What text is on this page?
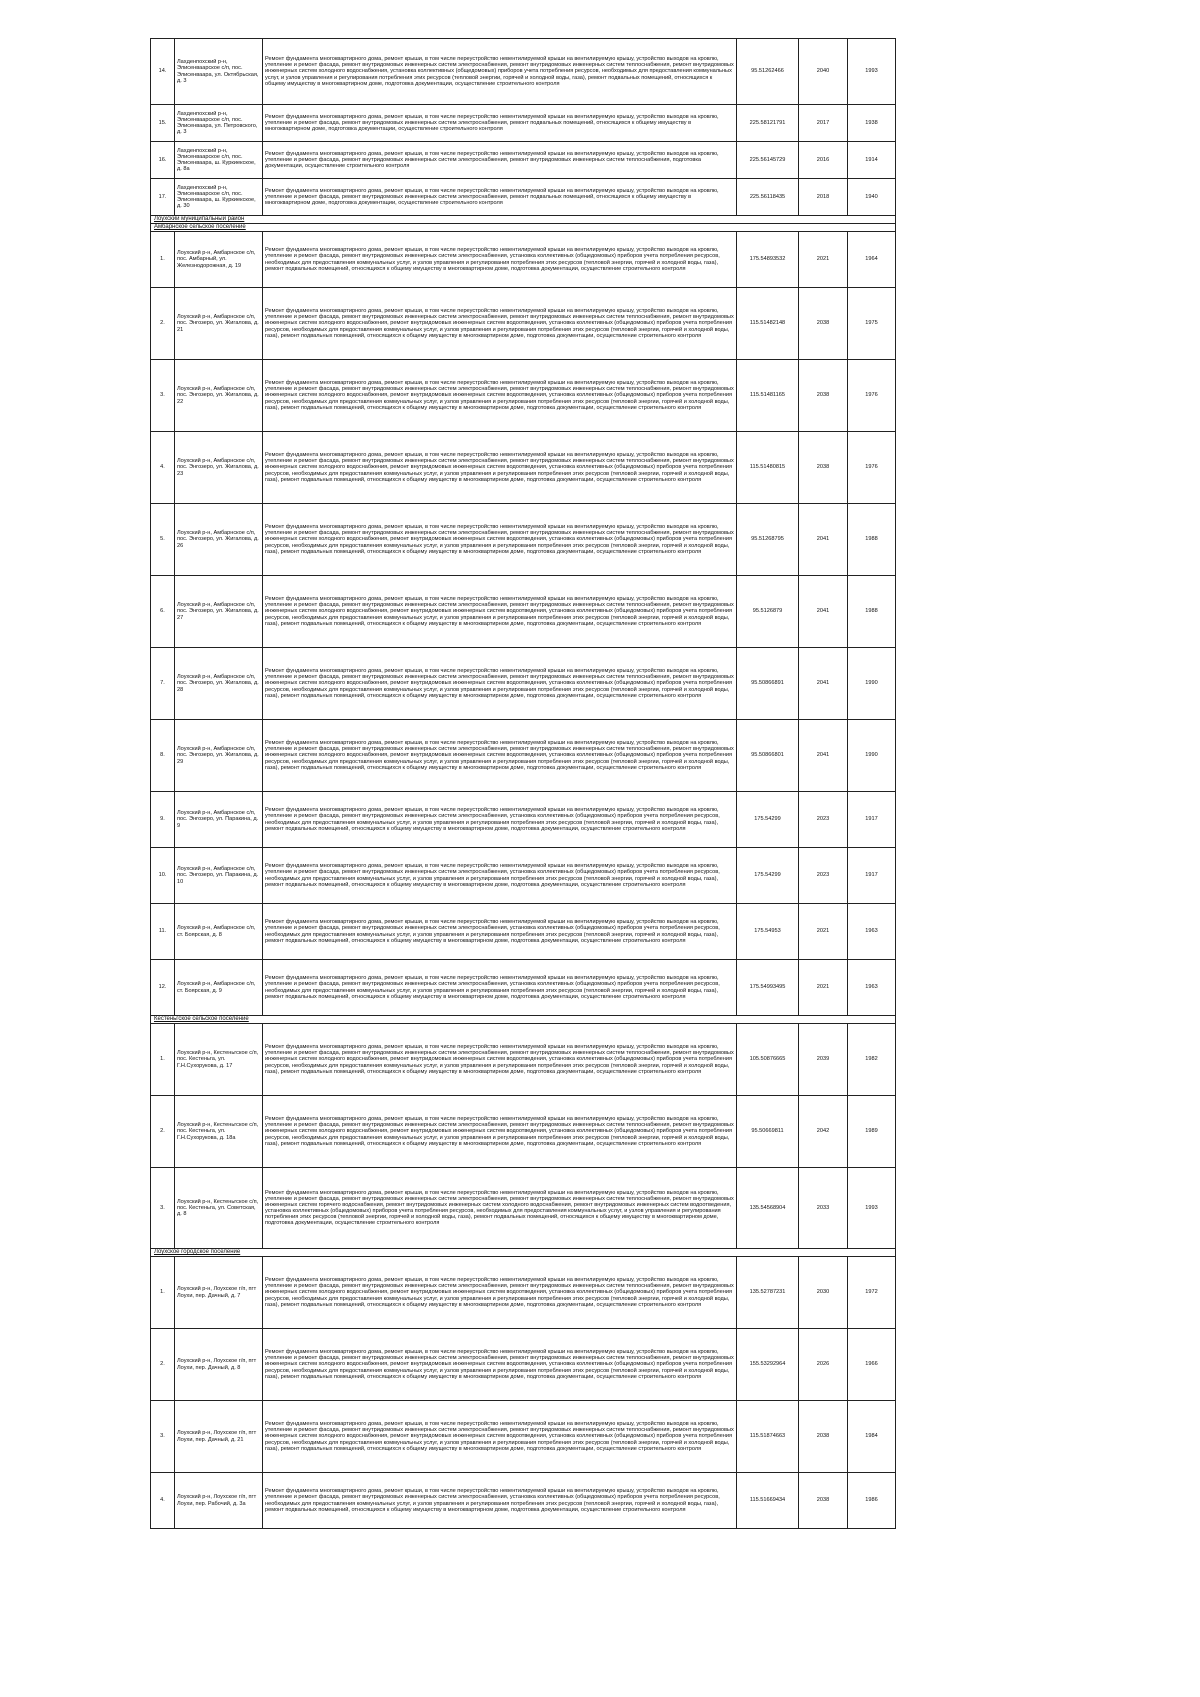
14.	Лахденпохский р-н, Элисенваарское с/п, пос. Элисенваара, ул. Октябрьская, д. 3	Ремонт фундамента многоквартирного дома, ремонт крыши, в том числе переустройство невентилируемой крыши на вентилируемую крышу, устройство выходов на кровлю, утепление и ремонт фасада, ремонт внутридомовых инженерных систем электроснабжения, ремонт внутридомовых инженерных систем теплоснабжения, ремонт внутридомовых инженерных систем холодного водоснабжения, установка коллективных (общедомовых) приборов учета потребления ресурсов, необходимых для предоставления коммунальных услуг, и узлов управления и регулирования потребления этих ресурсов (тепловой энергии, горячей и холодной воды, газа), ремонт подвальных помещений, относящихся к общему имуществу в многоквартирном доме, подготовка документации, осуществление строительного контроля	95.51262466	2040	1993
15.	Лахденпохский р-н, Элисенваарское с/п, пос. Элисенваара, ул. Петровского, д. 3	Ремонт фундамента многоквартирного дома, ремонт крыши, в том числе переустройство невентилируемой крыши на вентилируемую крышу, устройство выходов на кровлю, утепление и ремонт фасада, ремонт внутридомовых инженерных систем электроснабжения, ремонт подвальных помещений, относящихся к общему имуществу в многоквартирном доме, подготовка документации, осуществление строительного контроля	225.58121791	2017	1938
16.	Лахденпохский р-н, Элисенваарское с/п, пос. Элисенваара, ш. Куркиекское, д. 8а	Ремонт фундамента многоквартирного дома, ремонт крыши, в том числе переустройство невентилируемой крыши на вентилируемую крышу, устройство выходов на кровлю, утепление и ремонт фасада, ремонт внутридомовых инженерных систем электроснабжения, ремонт внутридомовых инженерных систем теплоснабжения, подготовка документации, осуществление строительного контроля	225.56145729	2016	1914
17.	Лахденпохский р-н, Элисенваарское с/п, пос. Элисенваара, ш. Куркиекское, д. 30	Ремонт фундамента многоквартирного дома, ремонт крыши, в том числе переустройство невентилируемой крыши на вентилируемую крышу, устройство выходов на кровлю, утепление и ремонт фасада, ремонт внутридомовых инженерных систем электроснабжения, ремонт подвальных помещений, относящихся к общему имуществу в многоквартирном доме, подготовка документации, осуществление строительного контроля	225.56118435	2018	1940
Лоухский муниципальный район					
Амбарнское сельское поселение					
1.	Лоухский р-н, Амбарнское с/п, пос. Амбарный, ул. Железнодорожная, д. 19	Ремонт фундамента многоквартирного дома, ремонт крыши, в том числе переустройство невентилируемой крыши на вентилируемую крышу, устройство выходов на кровлю, утепление и ремонт фасада, ремонт внутридомовых инженерных систем электроснабжения, установка коллективных (общедомовых) приборов учета потребления ресурсов, необходимых для предоставления коммунальных услуг, и узлов управления и регулирования потребления этих ресурсов (тепловой энергии, горячей и холодной воды, газа), ремонт подвальных помещений, относящихся к общему имуществу в многоквартирном доме, подготовка документации, осуществление строительного контроля	175.54893532	2021	1964
2.	Лоухский р-н, Амбарнское с/п, пос. Энгозеро, ул. Жигалова, д. 21	Ремонт фундамента многоквартирного дома, ремонт крыши, в том числе переустройство невентилируемой крыши на вентилируемую крышу, устройство выходов на кровлю, утепление и ремонт фасада, ремонт внутридомовых инженерных систем электроснабжения, ремонт внутридомовых инженерных систем теплоснабжения, ремонт внутридомовых инженерных систем холодного водоснабжения, ремонт внутридомовых инженерных систем водоотведения, установка коллективных (общедомовых) приборов учета потребления ресурсов, необходимых для предоставления коммунальных услуг, и узлов управления и регулирования потребления этих ресурсов (тепловой энергии, горячей и холодной воды, газа), ремонт подвальных помещений, относящихся к общему имуществу в многоквартирном доме, подготовка документации, осуществление строительного контроля	115.51482148	2038	1975
3.	Лоухский р-н, Амбарнское с/п, пос. Энгозеро, ул. Жигалова, д. 22	Ремонт фундамента многоквартирного дома, ремонт крыши, в том числе переустройство невентилируемой крыши на вентилируемую крышу, устройство выходов на кровлю, утепление и ремонт фасада, ремонт внутридомовых инженерных систем электроснабжения, ремонт внутридомовых инженерных систем теплоснабжения, ремонт внутридомовых инженерных систем холодного водоснабжения, ремонт внутридомовых инженерных систем водоотведения, установка коллективных (общедомовых) приборов учета потребления ресурсов, необходимых для предоставления коммунальных услуг, и узлов управления и регулирования потребления этих ресурсов (тепловой энергии, горячей и холодной воды, газа), ремонт подвальных помещений, относящихся к общему имуществу в многоквартирном доме, подготовка документации, осуществление строительного контроля	115.51481165	2038	1976
4.	Лоухский р-н, Амбарнское с/п, пос. Энгозеро, ул. Жигалова, д. 23	Ремонт фундамента многоквартирного дома, ремонт крыши, в том числе переустройство невентилируемой крыши на вентилируемую крышу, устройство выходов на кровлю, утепление и ремонт фасада, ремонт внутридомовых инженерных систем электроснабжения, ремонт внутридомовых инженерных систем теплоснабжения, ремонт внутридомовых инженерных систем холодного водоснабжения, ремонт внутридомовых инженерных систем водоотведения, установка коллективных (общедомовых) приборов учета потребления ресурсов, необходимых для предоставления коммунальных услуг, и узлов управления и регулирования потребления этих ресурсов (тепловой энергии, горячей и холодной воды, газа), ремонт подвальных помещений, относящихся к общему имуществу в многоквартирном доме, подготовка документации, осуществление строительного контроля	115.51480815	2038	1976
5.	Лоухский р-н, Амбарнское с/п, пос. Энгозеро, ул. Жигалова, д. 26	Ремонт фундамента многоквартирного дома, ремонт крыши, в том числе переустройство невентилируемой крыши на вентилируемую крышу, устройство выходов на кровлю, утепление и ремонт фасада, ремонт внутридомовых инженерных систем электроснабжения, ремонт внутридомовых инженерных систем теплоснабжения, ремонт внутридомовых инженерных систем холодного водоснабжения, ремонт внутридомовых инженерных систем водоотведения, установка коллективных (общедомовых) приборов учета потребления ресурсов, необходимых для предоставления коммунальных услуг, и узлов управления и регулирования потребления этих ресурсов (тепловой энергии, горячей и холодной воды, газа), ремонт подвальных помещений, относящихся к общему имуществу в многоквартирном доме, подготовка документации, осуществление строительного контроля	95.51268795	2041	1988
6.	Лоухский р-н, Амбарнское с/п, пос. Энгозеро, ул. Жигалова, д. 27	Ремонт фундамента многоквартирного дома, ремонт крыши, в том числе переустройство невентилируемой крыши на вентилируемую крышу, устройство выходов на кровлю, утепление и ремонт фасада, ремонт внутридомовых инженерных систем электроснабжения, ремонт внутридомовых инженерных систем теплоснабжения, ремонт внутридомовых инженерных систем холодного водоснабжения, ремонт внутридомовых инженерных систем водоотведения, установка коллективных (общедомовых) приборов учета потребления ресурсов, необходимых для предоставления коммунальных услуг, и узлов управления и регулирования потребления этих ресурсов (тепловой энергии, горячей и холодной воды, газа), ремонт подвальных помещений, относящихся к общему имуществу в многоквартирном доме, подготовка документации, осуществление строительного контроля	95.5126879	2041	1988
7.	Лоухский р-н, Амбарнское с/п, пос. Энгозеро, ул. Жигалова, д. 28	Ремонт фундамента многоквартирного дома, ремонт крыши, в том числе переустройство невентилируемой крыши на вентилируемую крышу, устройство выходов на кровлю, утепление и ремонт фасада, ремонт внутридомовых инженерных систем электроснабжения, ремонт внутридомовых инженерных систем теплоснабжения, ремонт внутридомовых инженерных систем холодного водоснабжения, ремонт внутридомовых инженерных систем водоотведения, установка коллективных (общедомовых) приборов учета потребления ресурсов, необходимых для предоставления коммунальных услуг, и узлов управления и регулирования потребления этих ресурсов (тепловой энергии, горячей и холодной воды, газа), ремонт подвальных помещений, относящихся к общему имуществу в многоквартирном доме, подготовка документации, осуществление строительного контроля	95.50866891	2041	1990
8.	Лоухский р-н, Амбарнское с/п, пос. Энгозеро, ул. Жигалова, д. 29	Ремонт фундамента многоквартирного дома, ремонт крыши, в том числе переустройство невентилируемой крыши на вентилируемую крышу, устройство выходов на кровлю, утепление и ремонт фасада, ремонт внутридомовых инженерных систем электроснабжения, ремонт внутридомовых инженерных систем теплоснабжения, ремонт внутридомовых инженерных систем холодного водоснабжения, ремонт внутридомовых инженерных систем водоотведения, установка коллективных (общедомовых) приборов учета потребления ресурсов, необходимых для предоставления коммунальных услуг, и узлов управления и регулирования потребления этих ресурсов (тепловой энергии, горячей и холодной воды, газа), ремонт подвальных помещений, относящихся к общему имуществу в многоквартирном доме, подготовка документации, осуществление строительного контроля	95.50866801	2041	1990
9.	Лоухский р-н, Амбарнское с/п, пос. Энгозеро, ул. Паракина, д. 9	Ремонт фундамента многоквартирного дома, ремонт крыши, в том числе переустройство невентилируемой крыши на вентилируемую крышу, устройство выходов на кровлю, утепление и ремонт фасада, ремонт внутридомовых инженерных систем электроснабжения, установка коллективных (общедомовых) приборов учета потребления ресурсов, необходимых для предоставления коммунальных услуг, и узлов управления и регулирования потребления этих ресурсов (тепловой энергии, горячей и холодной воды, газа), ремонт подвальных помещений, относящихся к общему имуществу в многоквартирном доме, подготовка документации, осуществление строительного контроля	175.54299	2023	1917
10.	Лоухский р-н, Амбарнское с/п, пос. Энгозеро, ул. Паракина, д. 10	Ремонт фундамента многоквартирного дома, ремонт крыши, в том числе переустройство невентилируемой крыши на вентилируемую крышу, устройство выходов на кровлю, утепление и ремонт фасада, ремонт внутридомовых инженерных систем электроснабжения, установка коллективных (общедомовых) приборов учета потребления ресурсов, необходимых для предоставления коммунальных услуг, и узлов управления и регулирования потребления этих ресурсов (тепловой энергии, горячей и холодной воды, газа), ремонт подвальных помещений, относящихся к общему имуществу в многоквартирном доме, подготовка документации, осуществление строительного контроля	175.54299	2023	1917
11.	Лоухский р-н, Амбарнское с/п, ст. Боярская, д. 8	Ремонт фундамента многоквартирного дома, ремонт крыши, в том числе переустройство невентилируемой крыши на вентилируемую крышу, устройство выходов на кровлю, утепление и ремонт фасада, ремонт внутридомовых инженерных систем электроснабжения, установка коллективных (общедомовых) приборов учета потребления ресурсов, необходимых для предоставления коммунальных услуг, и узлов управления и регулирования потребления этих ресурсов (тепловой энергии, горячей и холодной воды, газа), ремонт подвальных помещений, относящихся к общему имуществу в многоквартирном доме, подготовка документации, осуществление строительного контроля	175.54953	2021	1963
12.	Лоухский р-н, Амбарнское с/п, ст. Боярская, д. 9	Ремонт фундамента многоквартирного дома, ремонт крыши, в том числе переустройство невентилируемой крыши на вентилируемую крышу, устройство выходов на кровлю, утепление и ремонт фасада, ремонт внутридомовых инженерных систем электроснабжения, установка коллективных (общедомовых) приборов учета потребления ресурсов, необходимых для предоставления коммунальных услуг, и узлов управления и регулирования потребления этих ресурсов (тепловой энергии, горячей и холодной воды, газа), ремонт подвальных помещений, относящихся к общему имуществу в многоквартирном доме, подготовка документации, осуществление строительного контроля	175.54993495	2021	1963
Кестеньгское сельское поселение					
1.	Лоухский р-н, Кестеньгское с/п, пос. Кестеньга, ул. Г.Н.Сухорукова, д. 17	Ремонт фундамента многоквартирного дома, ремонт крыши, в том числе переустройство невентилируемой крыши на вентилируемую крышу, устройство выходов на кровлю, утепление и ремонт фасада, ремонт внутридомовых инженерных систем электроснабжения, ремонт внутридомовых инженерных систем теплоснабжения, ремонт внутридомовых инженерных систем холодного водоснабжения, ремонт внутридомовых инженерных систем водоотведения, установка коллективных (общедомовых) приборов учета потребления ресурсов, необходимых для предоставления коммунальных услуг, и узлов управления и регулирования потребления этих ресурсов (тепловой энергии, горячей и холодной воды, газа), ремонт подвальных помещений, относящихся к общему имуществу в многоквартирном доме, подготовка документации, осуществление строительного контроля	105.50876665	2039	1982
2.	Лоухский р-н, Кестеньгское с/п, пос. Кестеньга, ул. Г.Н.Сухорукова, д. 18а	Ремонт фундамента многоквартирного дома, ремонт крыши, в том числе переустройство невентилируемой крыши на вентилируемую крышу, устройство выходов на кровлю, утепление и ремонт фасада, ремонт внутридомовых инженерных систем электроснабжения, ремонт внутридомовых инженерных систем теплоснабжения, ремонт внутридомовых инженерных систем холодного водоснабжения, ремонт внутридомовых инженерных систем водоотведения, установка коллективных (общедомовых) приборов учета потребления ресурсов, необходимых для предоставления коммунальных услуг, и узлов управления и регулирования потребления этих ресурсов (тепловой энергии, горячей и холодной воды, газа), ремонт подвальных помещений, относящихся к общему имуществу в многоквартирном доме, подготовка документации, осуществление строительного контроля	95.50669811	2042	1989
3.	Лоухский р-н, Кестеньгское с/п, пос. Кестеньга, ул. Советская, д. 8	Ремонт фундамента многоквартирного дома, ремонт крыши, в том числе переустройство невентилируемой крыши на вентилируемую крышу, устройство выходов на кровлю, утепление и ремонт фасада, ремонт внутридомовых инженерных систем электроснабжения, ремонт внутридомовых инженерных систем теплоснабжения, ремонт внутридомовых инженерных систем горячего водоснабжения, ремонт внутридомовых инженерных систем холодного водоснабжения, ремонт внутридомовых инженерных систем водоотведения, установка коллективных (общедомовых) приборов учета потребления ресурсов, необходимых для предоставления коммунальных услуг, и узлов управления и регулирования потребления этих ресурсов (тепловой энергии, горячей и холодной воды, газа), ремонт подвальных помещений, относящихся к общему имуществу в многоквартирном доме, подготовка документации, осуществление строительного контроля	135.54568904	2033	1993
Лоухское городское поселение					
1.	Лоухский р-н, Лоухское г/п, пгт Лоухи, пер. Дачный, д. 7	Ремонт фундамента многоквартирного дома, ремонт крыши, в том числе переустройство невентилируемой крыши на вентилируемую крышу, устройство выходов на кровлю, утепление и ремонт фасада, ремонт внутридомовых инженерных систем электроснабжения, ремонт внутридомовых инженерных систем теплоснабжения, ремонт внутридомовых инженерных систем холодного водоснабжения, ремонт внутридомовых инженерных систем водоотведения, установка коллективных (общедомовых) приборов учета потребления ресурсов, необходимых для предоставления коммунальных услуг, и узлов управления и регулирования потребления этих ресурсов (тепловой энергии, горячей и холодной воды, газа), ремонт подвальных помещений, относящихся к общему имуществу в многоквартирном доме, подготовка документации, осуществление строительного контроля	135.52787231	2030	1972
2.	Лоухский р-н, Лоухское г/п, пгт Лоухи, пер. Дачный, д. 8	Ремонт фундамента многоквартирного дома, ремонт крыши, в том числе переустройство невентилируемой крыши на вентилируемую крышу, устройство выходов на кровлю, утепление и ремонт фасада, ремонт внутридомовых инженерных систем электроснабжения, ремонт внутридомовых инженерных систем теплоснабжения, ремонт внутридомовых инженерных систем холодного водоснабжения, ремонт внутридомовых инженерных систем водоотведения, установка коллективных (общедомовых) приборов учета потребления ресурсов, необходимых для предоставления коммунальных услуг, и узлов управления и регулирования потребления этих ресурсов (тепловой энергии, горячей и холодной воды, газа), ремонт подвальных помещений, относящихся к общему имуществу в многоквартирном доме, подготовка документации, осуществление строительного контроля	155.53292964	2026	1966
3.	Лоухский р-н, Лоухское г/п, пгт Лоухи, пер. Дачный, д. 21	Ремонт фундамента многоквартирного дома, ремонт крыши, в том числе переустройство невентилируемой крыши на вентилируемую крышу, устройство выходов на кровлю, утепление и ремонт фасада, ремонт внутридомовых инженерных систем электроснабжения, ремонт внутридомовых инженерных систем теплоснабжения, ремонт внутридомовых инженерных систем холодного водоснабжения, ремонт внутридомовых инженерных систем водоотведения, установка коллективных (общедомовых) приборов учета потребления ресурсов, необходимых для предоставления коммунальных услуг, и узлов управления и регулирования потребления этих ресурсов (тепловой энергии, горячей и холодной воды, газа), ремонт подвальных помещений, относящихся к общему имуществу в многоквартирном доме, подготовка документации, осуществление строительного контроля	115.51874663	2038	1984
4.	Лоухский р-н, Лоухское г/п, пгт Лоухи, пер. Рабочий, д. 3а	Ремонт фундамента многоквартирного дома, ремонт крыши, в том числе переустройство невентилируемой крыши на вентилируемую крышу, устройство выходов на кровлю, утепление и ремонт фасада, ремонт внутридомовых инженерных систем электроснабжения, установка коллективных (общедомовых) приборов учета потребления ресурсов, необходимых для предоставления коммунальных услуг, и узлов управления и регулирования потребления этих ресурсов (тепловой энергии, горячей и холодной воды, газа), ремонт подвальных помещений, относящихся к общему имуществу в многоквартирном доме, подготовка документации, осуществление строительного контроля	115.51669434	2038	1986
